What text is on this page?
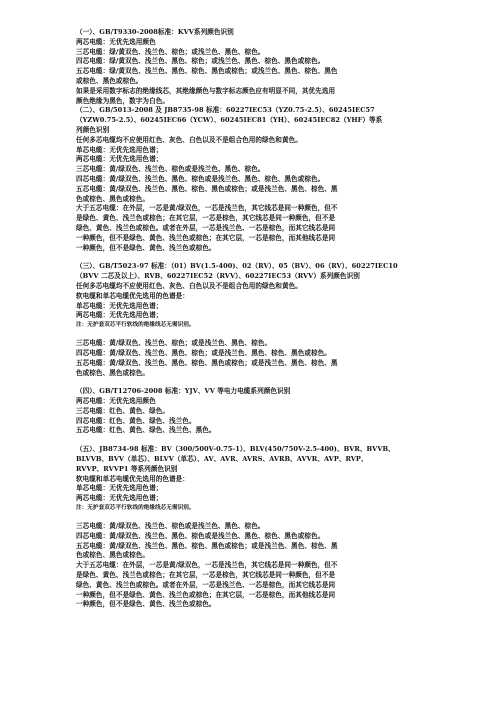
（一）、GB/T9330-2008标准：KVV系列颜色识别
两芯电缆：无优先选用颜色
三芯电缆：绿/黄双色、浅兰色、棕色；或浅兰色、黑色、棕色。
四芯电缆：绿/黄双色、浅兰色、黑色、棕色；或浅兰色、黑色、棕色、黑色或棕色。
五芯电缆：绿/黄双色、浅兰色、黑色、棕色、黑色或棕色；或浅兰色、黑色、棕色、黑色
或棕色、黑色或棕色。
如果是采用数字标志的绝缘线芯，其绝缘颜色与数字标志颜色应有明显不同，其优先选用
颜色绝缘为黑色，数字为白色。
（二）、GB/5013-2008 及 JB8735-98 标准：60227IEC53（YZ0.75-2.5）、60245IEC57
（YZW0.75-2.5）、60245IEC66（YCW）、60245IEC81（YH）、60245IEC82（YHF）等系
列颜色识别
任何多芯电缆均不应使用红色、灰色、白色以及不是组合色用的绿色和黄色。
单芯电缆：无优先选用色谱；
两芯电缆：无优先选用色谱；
三芯电缆：黄/绿双色、浅兰色、棕色或是浅兰色、黑色、棕色。
四芯电缆：黄/绿双色、浅兰色、黑色、棕色或是浅兰色、黑色、棕色、黑色或棕色。
五芯电缆：黄/绿双色、浅兰色、黑色、棕色、黑色或棕色；或是浅兰色、黑色、棕色、黑
色或棕色、黑色或棕色。
大于五芯电缆：在外层，一芯是黄/绿双色，一芯是浅兰色，其它线芯是同一种颜色，但不
是绿色、黄色、浅兰色或棕色；在其它层，一芯是棕色，其它线芯是同一种颜色，但不是
绿色、黄色、浅兰色或棕色。或者在外层，一芯是浅兰色、一芯是棕色，而其它线芯是同
一种颜色，但不是绿色、黄色、浅兰色或棕色；在其它层，一芯是棕色，而其他线芯是同
一种颜色，但不是绿色、黄色、浅兰色或棕色。
（三）、GB/T5023-97 标准：（01）BV(1.5-400)、02（RV）、05（BV）、06（RV）、60227IEC10
（BVV 二芯及以上）、RVB、60227IEC52（RVV）、60227IEC53（RVV）系列颜色识别
任何多芯电缆均不应使用红色、灰色、白色以及不是组合色用的绿色和黄色。
软电缆和单芯电缆优先选用的色谱是：
单芯电缆：无优先选用色谱；
两芯电缆：无优先选用色谱；
注：无护套双芯平行软线的绝缘线芯无需识别。
三芯电缆：黄/绿双色、浅兰色、棕色；或是浅兰色、黑色、棕色。
四芯电缆：黄/绿双色、浅兰色、黑色、棕色；或是浅兰色、黑色、棕色、黑色或棕色。
五芯电缆：黄/绿双色、浅兰色、黑色、棕色、黑色或棕色；或是浅兰色、黑色、棕色、黑
色或棕色、黑色或棕色。
（四）、GB/T12706-2008 标准：YJV、VV 等电力电缆系列颜色识别
两芯电缆：无优先选用颜色
三芯电缆：红色、黄色、绿色。
四芯电缆：红色、黄色、绿色、浅兰色。
五芯电缆：红色、黄色、绿色、浅兰色、黑色。
（五）、JB8734-98 标准：BV（300/500V-0.75-1）、BLV(450/750V-2.5-400)、BVR、BVVB、
BLVVB、BVV（单芯）、BLVV（单芯）、AV、AVR、AVRS、AVRB、AVVR、AVP、RVP、
RVVP、RVVP1 等系列颜色识别
软电缆和单芯电缆优先选用的色谱是：
单芯电缆：无优先选用色谱；
两芯电缆：无优先选用色谱；
注：无护套双芯平行软线的绝缘线芯无需识别。
三芯电缆：黄/绿双色、浅兰色、棕色或是浅兰色、黑色、棕色。
四芯电缆：黄/绿双色、浅兰色、黑色、棕色或是浅兰色、黑色、棕色、黑色或棕色。
五芯电缆：黄/绿双色、浅兰色、黑色、棕色、黑色或棕色；或是浅兰色、黑色、棕色、黑
色或棕色、黑色或棕色。
大于五芯电缆：在外层，一芯是黄/绿双色，一芯是浅兰色，其它线芯是同一种颜色，但不
是绿色、黄色、浅兰色或棕色；在其它层，一芯是棕色，其它线芯是同一种颜色，但不是
绿色、黄色、浅兰色或棕色。或者在外层，一芯是浅兰色、一芯是棕色，而其它线芯是同
一种颜色，但不是绿色、黄色、浅兰色或棕色；在其它层，一芯是棕色，而其他线芯是同
一种颜色，但不是绿色、黄色、浅兰色或棕色。
